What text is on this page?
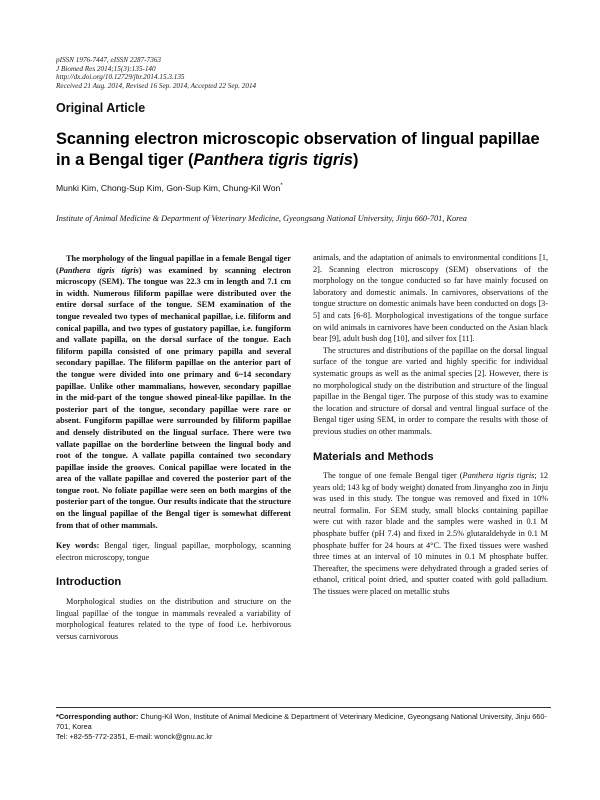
pISSN 1976-7447, eISSN 2287-7363
J Biomed Res 2014;15(3):135-140
http://dx.doi.org/10.12729/jbr.2014.15.3.135
Received 21 Aug. 2014, Revised 16 Sep. 2014, Accepted 22 Sep. 2014
Original Article
Scanning electron microscopic observation of lingual papillae in a Bengal tiger (Panthera tigris tigris)
Munki Kim, Chong-Sup Kim, Gon-Sup Kim, Chung-Kil Won*
Institute of Animal Medicine & Department of Veterinary Medicine, Gyeongsang National University, Jinju 660-701, Korea

The morphology of the lingual papillae in a female Bengal tiger (Panthera tigris tigris) was examined by scanning electron microscopy (SEM). The tongue was 22.3 cm in length and 7.1 cm in width. Numerous filiform papillae were distributed over the entire dorsal surface of the tongue. SEM examination of the tongue revealed two types of mechanical papillae, i.e. filiform and conical papilla, and two types of gustatory papillae, i.e. fungiform and vallate papilla, on the dorsal surface of the tongue. Each filiform papilla consisted of one primary papilla and several secondary papillae. The filiform papillae on the anterior part of the tongue were divided into one primary and 6~14 secondary papillae. Unlike other mammalians, however, secondary papillae in the mid-part of the tongue showed pineal-like papillae. In the posterior part of the tongue, secondary papillae were rare or absent. Fungiform papillae were surrounded by filiform papillae and densely distributed on the lingual surface. There were two vallate papillae on the borderline between the lingual body and root of the tongue. A vallate papilla contained two secondary papillae inside the grooves. Conical papillae were located in the area of the vallate papillae and covered the posterior part of the tongue root. No foliate papillae were seen on both margins of the posterior part of the tongue. Our results indicate that the structure on the lingual papillae of the Bengal tiger is somewhat different from that of other mammals.

Key words: Bengal tiger, lingual papillae, morphology, scanning electron microscopy, tongue

Introduction

Morphological studies on the distribution and structure on the lingual papillae of the tongue in mammals revealed a variability of morphological features related to the type of food i.e. herbivorous versus carnivorous

animals, and the adaptation of animals to environmental conditions [1, 2]. Scanning electron microscopy (SEM) observations of the morphology on the tongue conducted so far have mainly focused on laboratory and domestic animals. In carnivores, observations of the tongue structure on domestic animals have been conducted on dogs [3-5] and cats [6-8]. Morphological investigations of the tongue surface on wild animals in carnivores have been conducted on the Asian black bear [9], adult bush dog [10], and silver fox [11].

The structures and distributions of the papillae on the dorsal lingual surface of the tongue are varied and highly specific for individual systematic groups as well as the animal species [2]. However, there is no morphological study on the distribution and structure of the lingual papillae in the Bengal tiger. The purpose of this study was to examine the location and structure of dorsal and ventral lingual surface of the Bengal tiger using SEM, in order to compare the results with those of previous studies on other mammals.

Materials and Methods

The tongue of one female Bengal tiger (Panthera tigris tigris; 12 years old; 143 kg of body weight) donated from Jinyangho zoo in Jinju was used in this study. The tongue was removed and fixed in 10% neutral formalin. For SEM study, small blocks containing papillae were cut with razor blade and the samples were washed in 0.1 M phosphate buffer (pH 7.4) and fixed in 2.5% glutaraldehyde in 0.1 M phosphate buffer for 24 hours at 4°C. The fixed tissues were washed three times at an interval of 10 minutes in 0.1 M phosphate buffer. Thereafter, the specimens were dehydrated through a graded series of ethanol, critical point dried, and sputter coated with gold palladium. The tissues were placed on metallic stubs

*Corresponding author: Chung-Kil Won, Institute of Animal Medicine & Department of Veterinary Medicine, Gyeongsang National University, Jinju 660-701, Korea
Tel: +82-55-772-2351, E-mail: wonck@gnu.ac.kr
